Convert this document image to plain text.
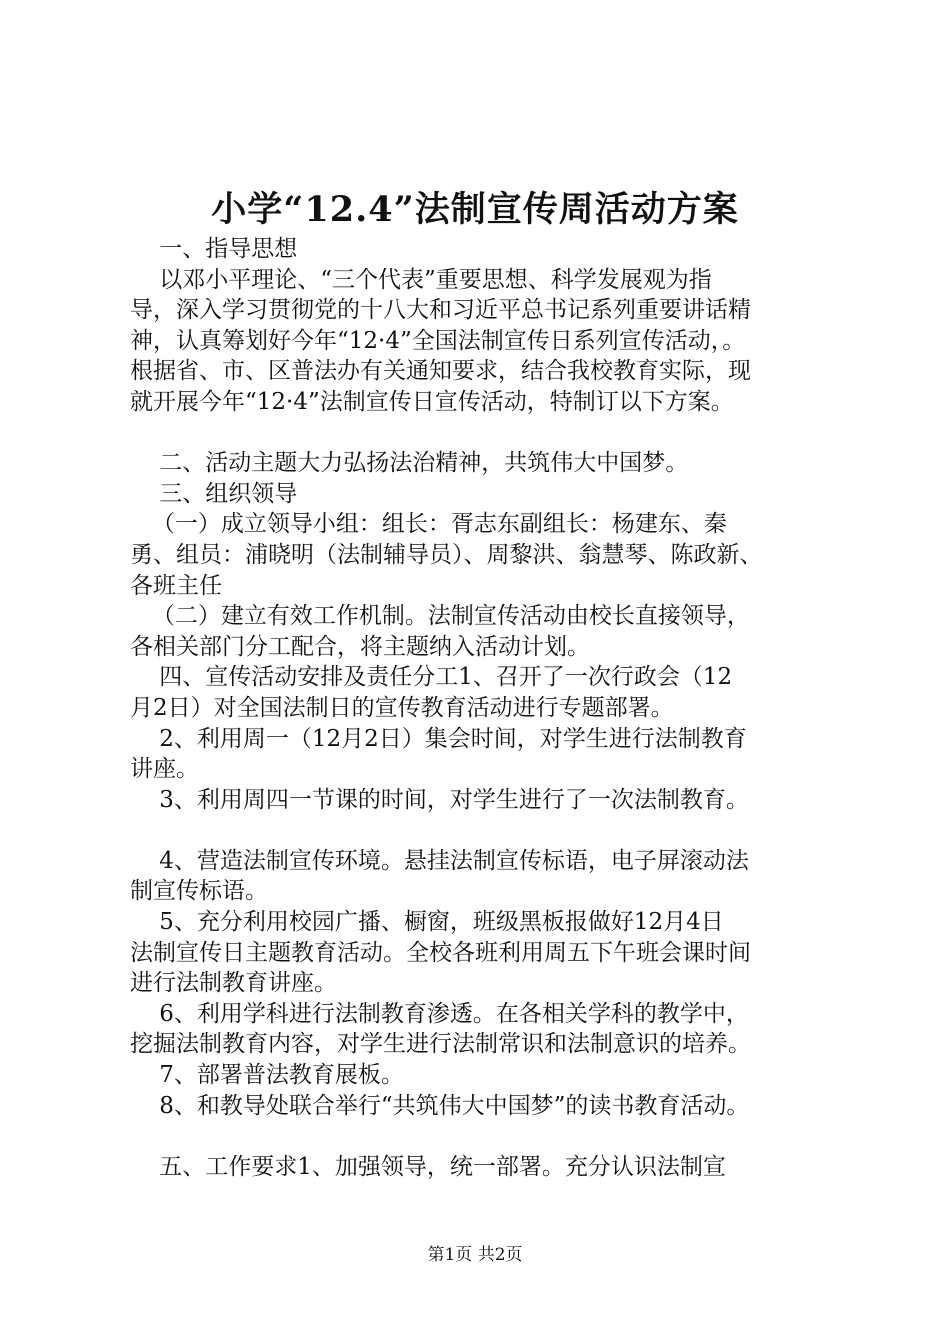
小学“12.4”法制宣传周活动方案
一、指导思想
以邓小平理论、“三个代表”重要思想、科学发展观为指
导，深入学习贯彻党的十八大和习近平总书记系列重要讲话精
神，认真筹划好今年“12·4”全国法制宣传日系列宣传活动，。
根据省、市、区普法办有关通知要求，结合我校教育实际，现
就开展今年“12·4”法制宣传日宣传活动，特制订以下方案。

二、活动主题大力弘扬法治精神，共筑伟大中国梦。
三、组织领导
（一）成立领导小组：组长：胥志东副组长：杨建东、秦
勇、组员：浦晓明（法制辅导员）、周黎洪、翁慧琴、陈政新、
各班主任
（二）建立有效工作机制。法制宣传活动由校长直接领导，
各相关部门分工配合，将主题纳入活动计划。
四、宣传活动安排及责任分工1、召开了一次行政会（12
月2日）对全国法制日的宣传教育活动进行专题部署。
2、利用周一（12月2日）集会时间，对学生进行法制教育
讲座。
3、利用周四一节课的时间，对学生进行了一次法制教育。

4、营造法制宣传环境。悬挂法制宣传标语，电子屏滚动法
制宣传标语。
5、充分利用校园广播、橱窗，班级黑板报做好12月4日
法制宣传日主题教育活动。全校各班利用周五下午班会课时间
进行法制教育讲座。
6、利用学科进行法制教育渗透。在各相关学科的教学中，
挖掘法制教育内容，对学生进行法制常识和法制意识的培养。
7、部署普法教育展板。
8、和教导处联合举行“共筑伟大中国梦”的读书教育活动。

五、工作要求1、加强领导，统一部署。充分认识法制宣
第1页 共2页
